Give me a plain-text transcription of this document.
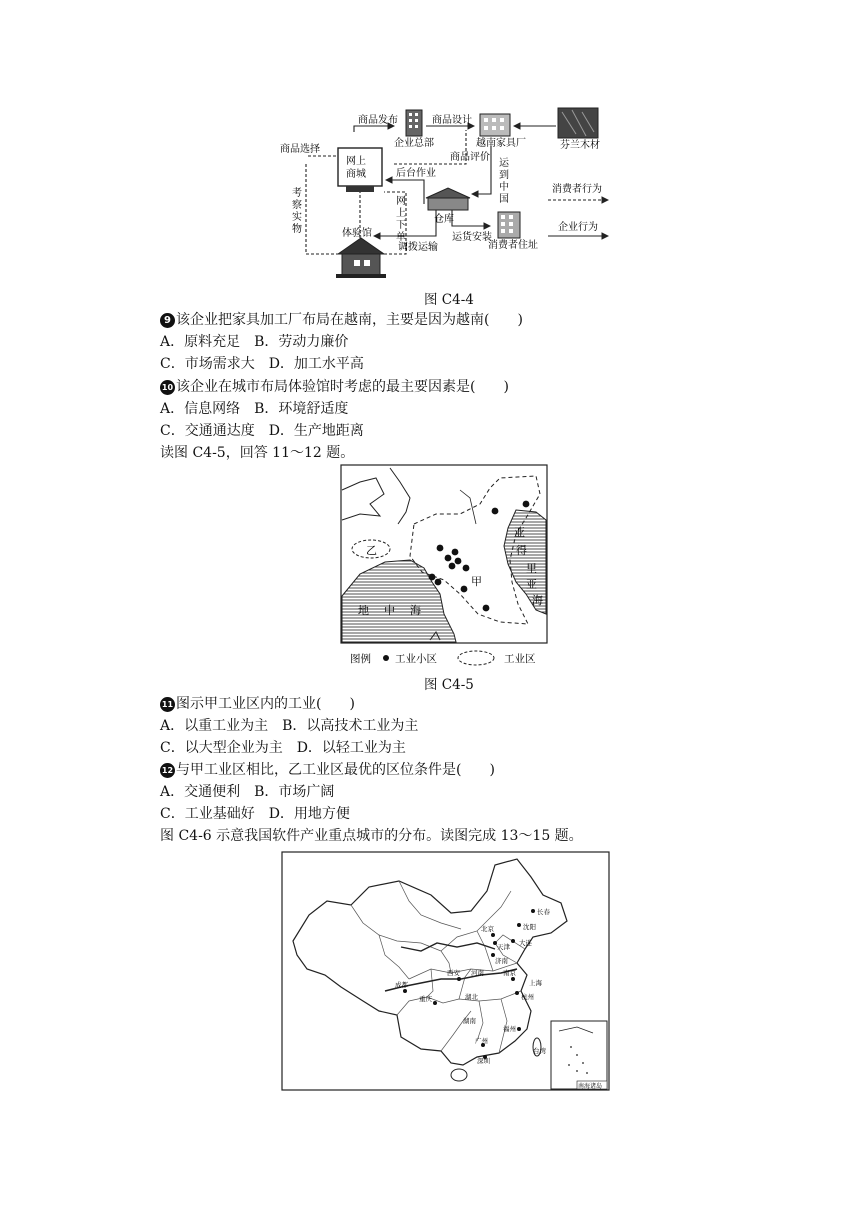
商品发布	商品设计
企业总部	越南家具厂	芬兰木材
商品选择
网上
商城
商品评价
后台作业
运
到
中
国
考
察
实
物
网
上
下
单
仓库
运货安装
消费者住址
体验馆
调拨运输
消费者行为
企业行为
图 C4-4
9 该企业把家具加工厂布局在越南，主要是因为越南(　　)
A．原料充足　B．劳动力廉价
C．市场需求大　D．加工水平高
10 该企业在城市布局体验馆时考虑的最主要因素是(　　)
A．信息网络　B．环境舒适度
C．交通通达度　D．生产地距离
读图 C4-5，回答 11～12 题。
乙
甲
地 中 海
亚
得
里
亚
海
图例 工业小区	工业区
图 C4-5
11 图示甲工业区内的工业(　　)
A．以重工业为主　B．以高技术工业为主
C．以大型企业为主　D．以轻工业为主
12 与甲工业区相比，乙工业区最优的区位条件是(　　)
A．交通便利　B．市场广阔
C．工业基础好　D．用地方便
图 C4-6 示意我国软件产业重点城市的分布。读图完成 13～15 题。
南海诸岛
长春
沈阳
大连
北京
天津
济南
西安 河南
湖北
南京
上海
杭州
成都
重庆
湖南
福州
广州
深圳
台湾
